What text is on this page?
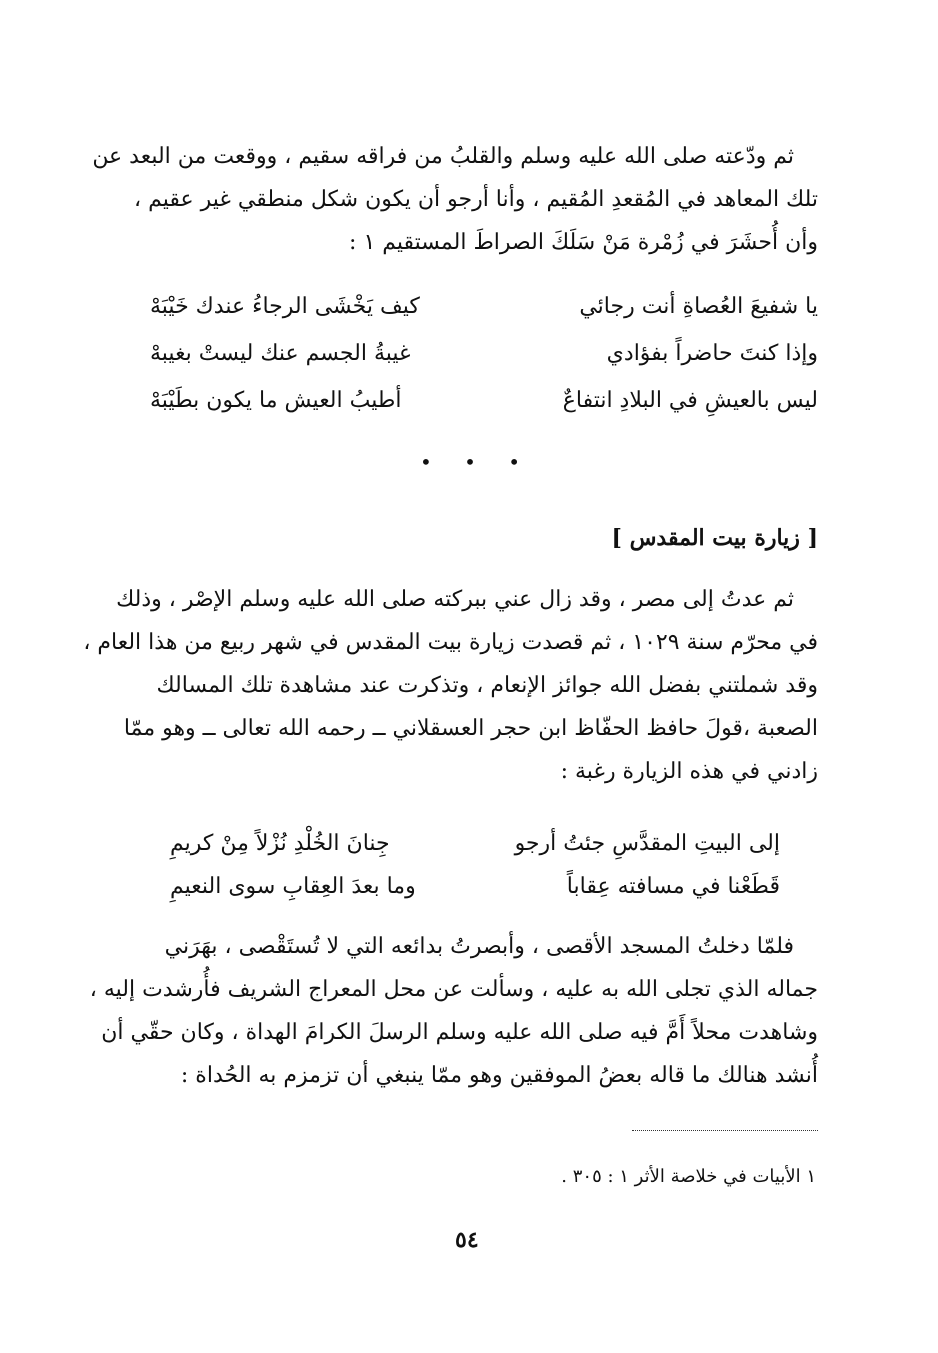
ثم ودّعته صلى الله عليه وسلم والقلبُ من فراقه سقيم ، ووقعت من البعد عن

تلك المعاهد في المُقعدِ المُقيم ، وأنا أرجو أن يكون شكل منطقي غير عقيم ،

وأن أُحشَرَ في زُمْرة مَنْ سَلَكَ الصراطَ المستقيم ١ :

يا شفيعَ العُصاةِ أنت رجائي
كيف يَخْشَى الرجاءُ عندك خَيْبَهْ
وإذا كنتَ حاضراً بفؤادي
غيبةُ الجسم عنك ليستْ بغيبهْ
ليس بالعيشِ في البلادِ انتفاعٌ
أطيبُ العيش ما يكون بطَيْبَهْ
• • •
[ زيارة بيت المقدس ]

ثم عدتُ إلى مصر ، وقد زال عني ببركته صلى الله عليه وسلم الإصْر ، وذلك

في محرّم سنة ١٠٢٩ ، ثم قصدت زيارة بيت المقدس في شهر ربيع من هذا العام ،

وقد شملتني بفضل الله جوائز الإنعام ، وتذكرت عند مشاهدة تلك المسالك

الصعبة ،قولَ حافظ الحفّاظ ابن حجر العسقلاني ــ رحمه الله تعالى ــ وهو ممّا

زادني في هذه الزيارة رغبة :

إلى البيتِ المقدَّسِ جئتُ أرجو
جِنانَ الخُلْدِ نُزْلاً مِنْ كريمِ
قَطَعْنا في مسافته عِقاباً
وما بعدَ العِقابِ سوى النعيمِ

فلمّا دخلتُ المسجد الأقصى ، وأبصرتُ بدائعه التي لا تُستَقْصى ، بهَرَني

جماله الذي تجلى الله به عليه ، وسألت عن محل المعراج الشريف فأُرشدت إليه ،

وشاهدت محلاً أَمَّ فيه صلى الله عليه وسلم الرسلَ الكرامَ الهداة ، وكان حقّي أن

أُنشد هنالك ما قاله بعضُ الموفقين وهو ممّا ينبغي أن تزمزم به الحُداة :

١ الأبيات في خلاصة الأثر ١ : ٣٠٥ .
٥٤
